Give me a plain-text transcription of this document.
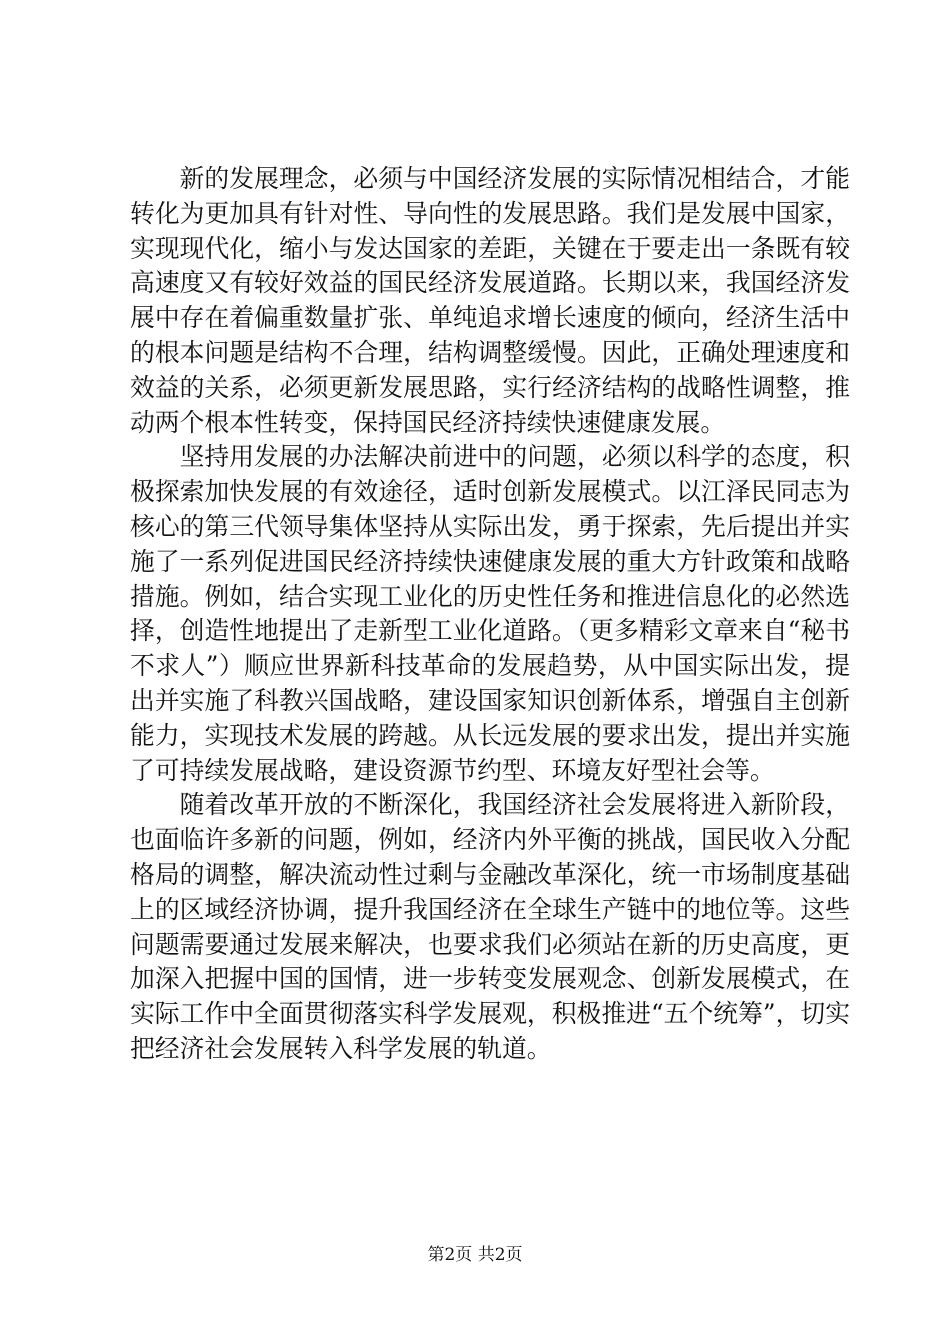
新的发展理念，必须与中国经济发展的实际情况相结合，才能转化为更加具有针对性、导向性的发展思路。我们是发展中国家，实现现代化，缩小与发达国家的差距，关键在于要走出一条既有较高速度又有较好效益的国民经济发展道路。长期以来，我国经济发展中存在着偏重数量扩张、单纯追求增长速度的倾向，经济生活中的根本问题是结构不合理，结构调整缓慢。因此，正确处理速度和效益的关系，必须更新发展思路，实行经济结构的战略性调整，推动两个根本性转变，保持国民经济持续快速健康发展。

坚持用发展的办法解决前进中的问题，必须以科学的态度，积极探索加快发展的有效途径，适时创新发展模式。以江泽民同志为核心的第三代领导集体坚持从实际出发，勇于探索，先后提出并实施了一系列促进国民经济持续快速健康发展的重大方针政策和战略措施。例如，结合实现工业化的历史性任务和推进信息化的必然选择，创造性地提出了走新型工业化道路。（更多精彩文章来自“秘书不求人”）顺应世界新科技革命的发展趋势，从中国实际出发，提出并实施了科教兴国战略，建设国家知识创新体系，增强自主创新能力，实现技术发展的跨越。从长远发展的要求出发，提出并实施了可持续发展战略，建设资源节约型、环境友好型社会等。

随着改革开放的不断深化，我国经济社会发展将进入新阶段，也面临许多新的问题，例如，经济内外平衡的挑战，国民收入分配格局的调整，解决流动性过剩与金融改革深化，统一市场制度基础上的区域经济协调，提升我国经济在全球生产链中的地位等。这些问题需要通过发展来解决，也要求我们必须站在新的历史高度，更加深入把握中国的国情，进一步转变发展观念、创新发展模式，在实际工作中全面贯彻落实科学发展观，积极推进“五个统筹”，切实把经济社会发展转入科学发展的轨道。

第2页 共2页
